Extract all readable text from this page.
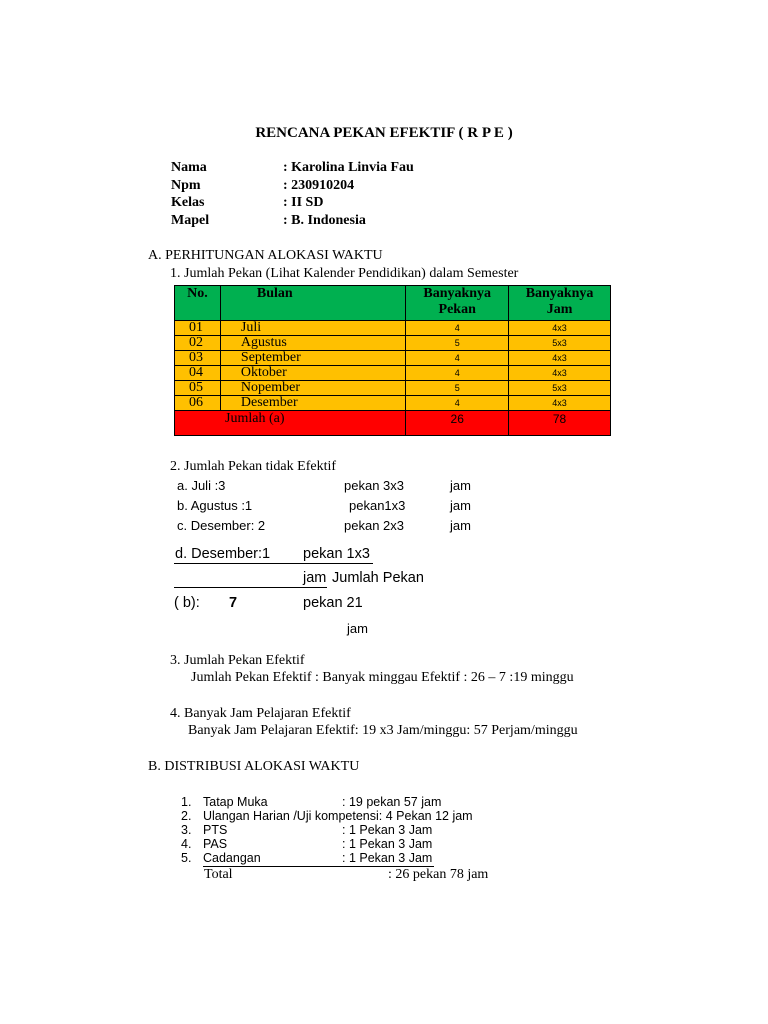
RENCANA PEKAN EFEKTIF ( R P E )
Nama	: Karolina Linvia Fau
Npm	: 230910204
Kelas	: II SD
Mapel	: B. Indonesia
A. PERHITUNGAN ALOKASI WAKTU
1. Jumlah Pekan (Lihat Kalender Pendidikan) dalam Semester
No.	Bulan	Banyaknya Pekan	Banyaknya Jam
01	Juli	4	4x3
02	Agustus	5	5x3
03	September	4	4x3
04	Oktober	4	4x3
05	Nopember	5	5x3
06	Desember	4	4x3
Jumlah (a)		26	78
2. Jumlah Pekan tidak Efektif
a. Juli :3	pekan 3x3	jam
b. Agustus :1	pekan1x3	jam
c. Desember: 2	pekan 2x3	jam
d. Desember:1 pekan 1x3
jam Jumlah Pekan
( b): 7	pekan 21
jam
3. Jumlah Pekan Efektif
Jumlah Pekan Efektif : Banyak minggau Efektif : 26 – 7 :19 minggu
4. Banyak Jam Pelajaran Efektif
Banyak Jam Pelajaran Efektif: 19 x3 Jam/minggu: 57 Perjam/minggu
B. DISTRIBUSI ALOKASI WAKTU
1. Tatap Muka	: 19 pekan 57 jam
2. Ulangan Harian /Uji kompetensi: 4 Pekan 12 jam
3. PTS	: 1 Pekan 3 Jam
4. PAS	: 1 Pekan 3 Jam
5. Cadangan	: 1 Pekan 3 Jam
Total	: 26 pekan 78 jam
